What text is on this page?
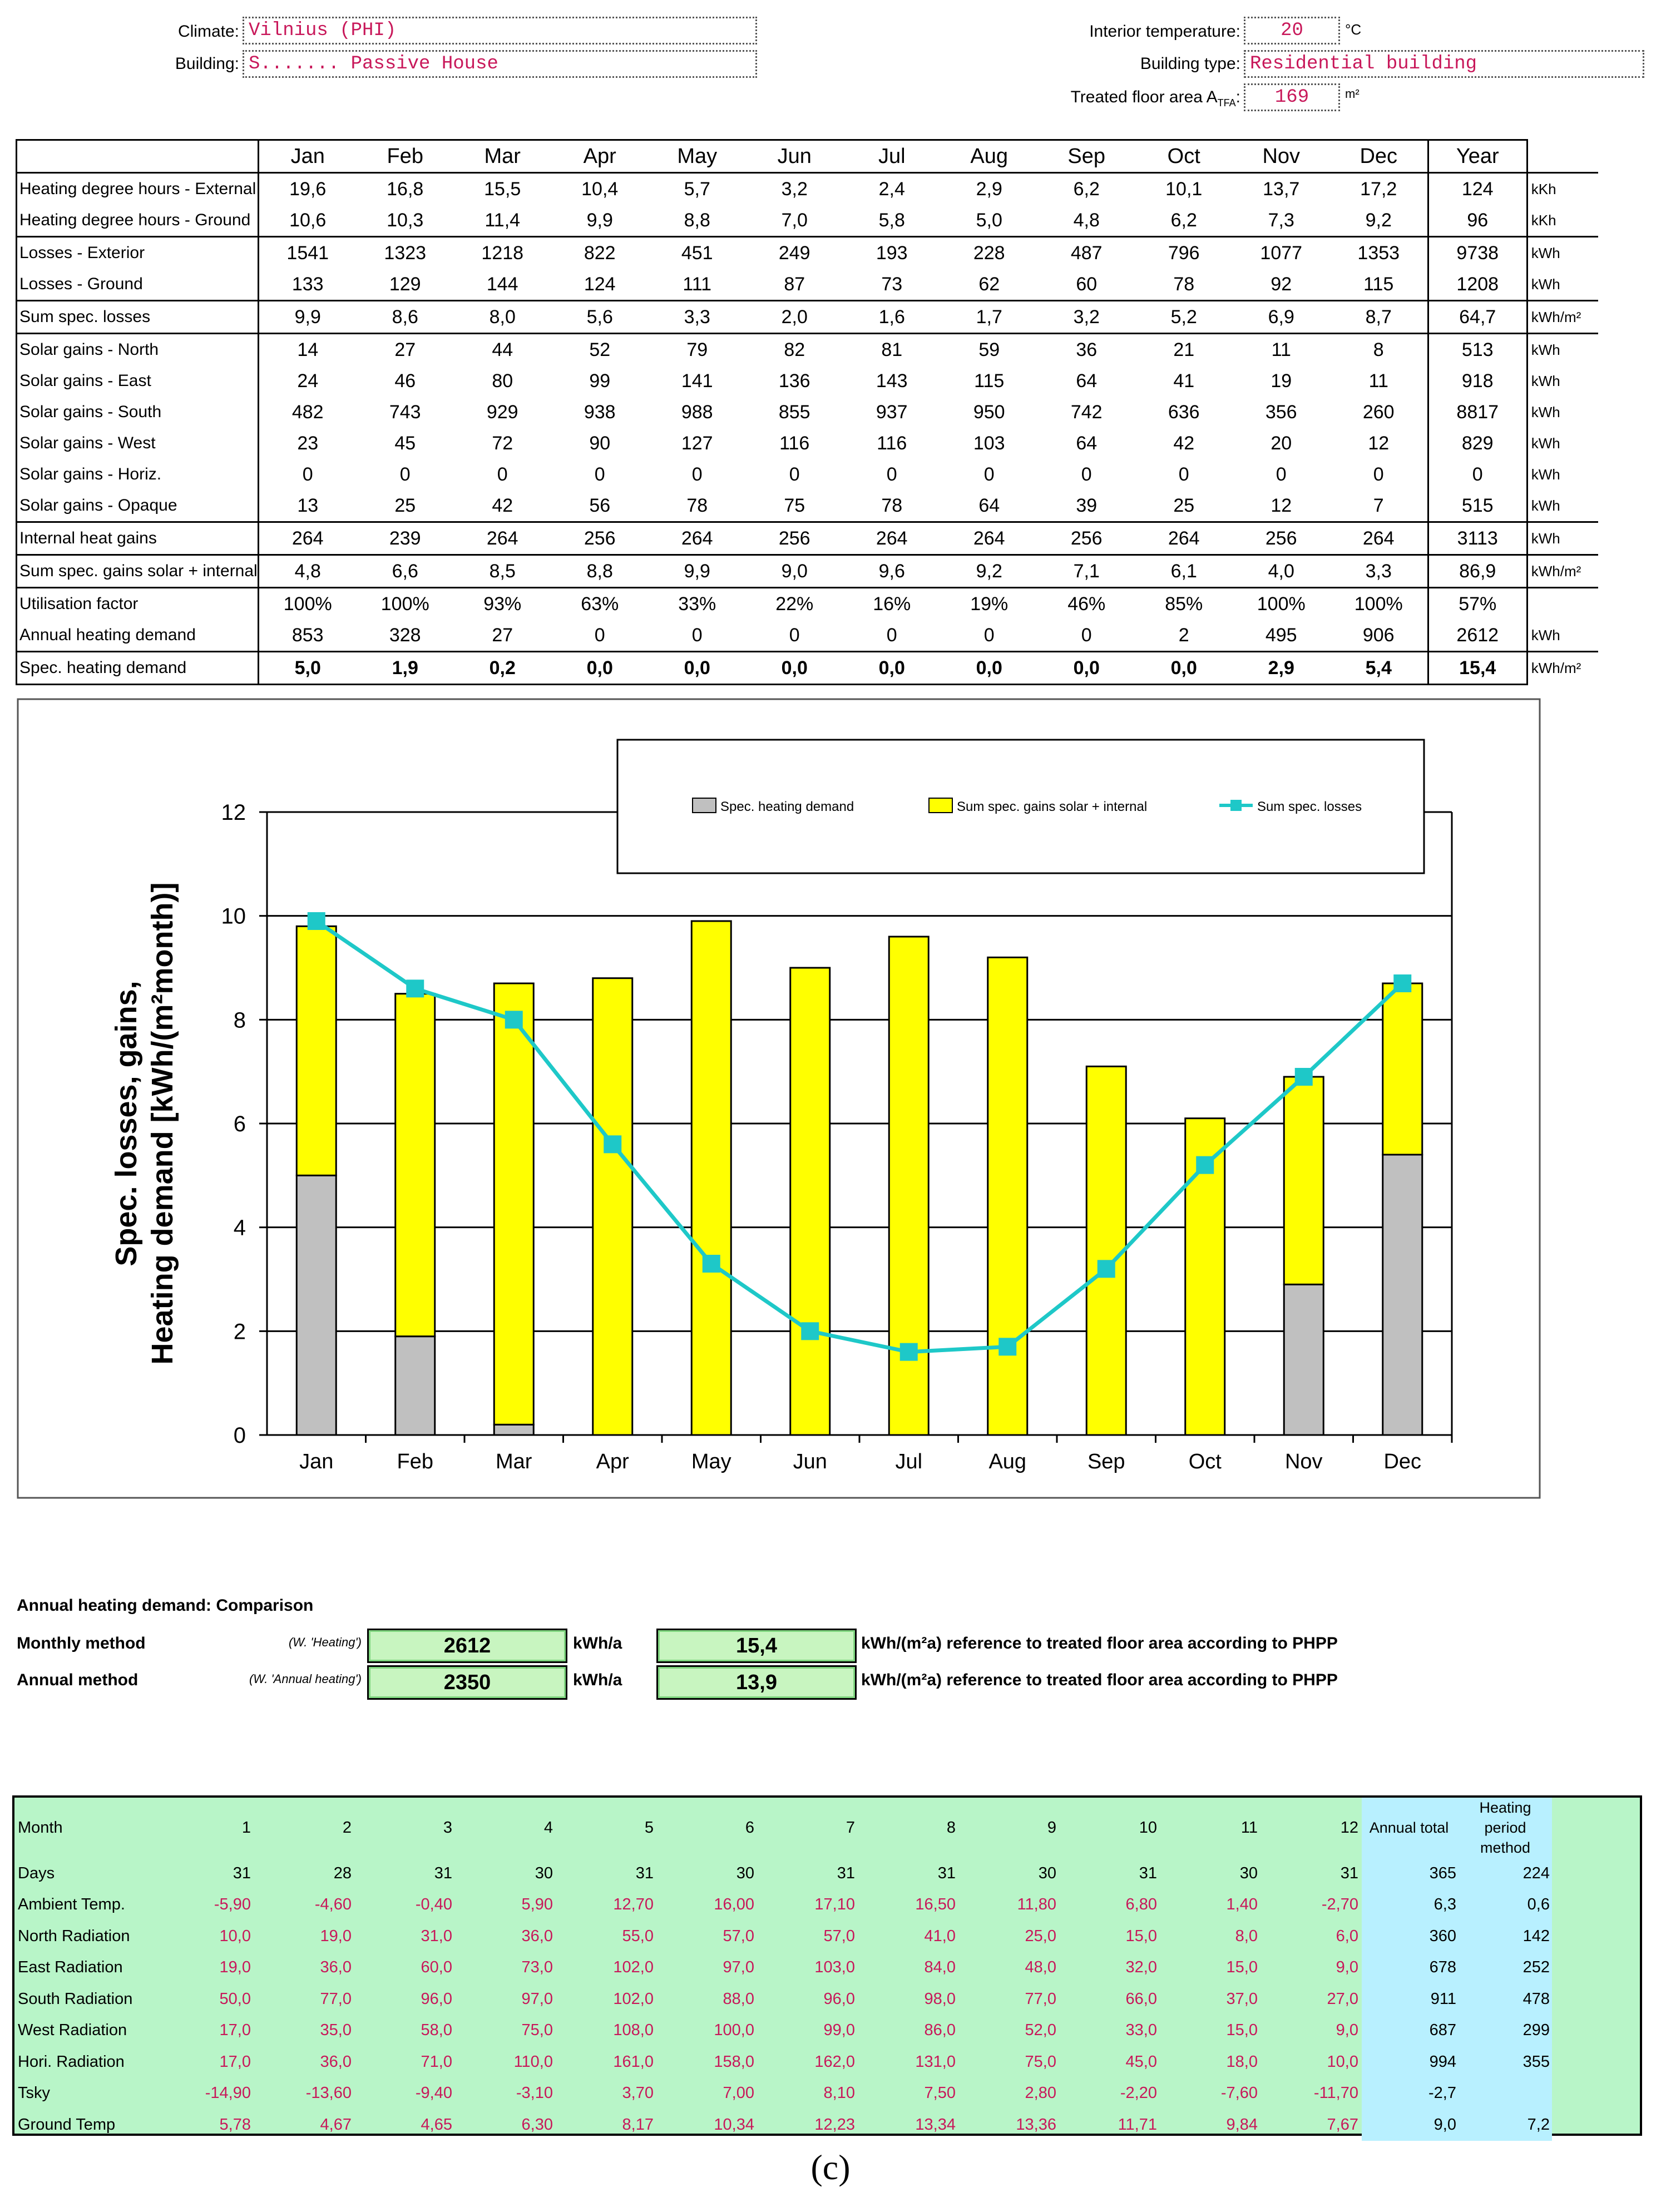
Climate: Vilnius (PHI)
Building: S....... Passive House
Interior temperature:	20	°C
Building type: Residential building
Treated floor area $A_{TFA}$:	169	m²
	Jan	Feb	Mar	Apr	May	Jun	Jul	Aug	Sep	Oct	Nov	Dec	Year	
Heating degree hours - External	19,6	16,8	15,5	10,4	5,7	3,2	2,4	2,9	6,2	10,1	13,7	17,2	124	kKh
Heating degree hours - Ground	10,6	10,3	11,4	9,9	8,8	7,0	5,8	5,0	4,8	6,2	7,3	9,2	96	kKh
Losses - Exterior	1541	1323	1218	822	451	249	193	228	487	796	1077	1353	9738	kWh
Losses - Ground	133	129	144	124	111	87	73	62	60	78	92	115	1208	kWh
Sum spec. losses	9,9	8,6	8,0	5,6	3,3	2,0	1,6	1,7	3,2	5,2	6,9	8,7	64,7	kWh/m²
Solar gains - North	14	27	44	52	79	82	81	59	36	21	11	8	513	kWh
Solar gains - East	24	46	80	99	141	136	143	115	64	41	19	11	918	kWh
Solar gains - South	482	743	929	938	988	855	937	950	742	636	356	260	8817	kWh
Solar gains - West	23	45	72	90	127	116	116	103	64	42	20	12	829	kWh
Solar gains - Horiz.	0	0	0	0	0	0	0	0	0	0	0	0	0	kWh
Solar gains - Opaque	13	25	42	56	78	75	78	64	39	25	12	7	515	kWh
Internal heat gains	264	239	264	256	264	256	264	264	256	264	256	264	3113	kWh
Sum spec. gains solar + internal	4,8	6,6	8,5	8,8	9,9	9,0	9,6	9,2	7,1	6,1	4,0	3,3	86,9	kWh/m²
Utilisation factor	100%	100%	93%	63%	33%	22%	16%	19%	46%	85%	100%	100%	57%	
Annual heating demand	853	328	27	0	0	0	0	0	0	2	495	906	2612	kWh
Spec. heating demand	5,0	1,9	0,2	0,0	0,0	0,0	0,0	0,0	0,0	0,0	2,9	5,4	15,4	kWh/m²
0
2
4
6
8
10
12
Jan	Feb	Mar	Apr	May	Jun	Jul	Aug	Sep	Oct	Nov	Dec
Spec. losses, gains, Heating demand [kWh/(m²month)]
Spec. heating demand	Sum spec. gains solar + internal	Sum spec. losses
Annual heating demand: Comparison
Monthly method	(W. 'Heating')	2612	kWh/a	15,4	kWh/(m²a) reference to treated floor area according to PHPP
Annual method	(W. 'Annual heating')	2350	kWh/a	13,9	kWh/(m²a) reference to treated floor area according to PHPP
Month	1	2	3	4	5	6	7	8	9	10	11	12	Annual total	Heating period method
Days	31	28	31	30	31	30	31	31	30	31	30	31	365	224
Ambient Temp.	-5,90	-4,60	-0,40	5,90	12,70	16,00	17,10	16,50	11,80	6,80	1,40	-2,70	6,3	0,6
North Radiation	10,0	19,0	31,0	36,0	55,0	57,0	57,0	41,0	25,0	15,0	8,0	6,0	360	142
East Radiation	19,0	36,0	60,0	73,0	102,0	97,0	103,0	84,0	48,0	32,0	15,0	9,0	678	252
South Radiation	50,0	77,0	96,0	97,0	102,0	88,0	96,0	98,0	77,0	66,0	37,0	27,0	911	478
West Radiation	17,0	35,0	58,0	75,0	108,0	100,0	99,0	86,0	52,0	33,0	15,0	9,0	687	299
Hori. Radiation	17,0	36,0	71,0	110,0	161,0	158,0	162,0	131,0	75,0	45,0	18,0	10,0	994	355
Tsky	-14,90	-13,60	-9,40	-3,10	3,70	7,00	8,10	7,50	2,80	-2,20	-7,60	-11,70	-2,7	
Ground Temp	5,78	4,67	4,65	6,30	8,17	10,34	12,23	13,34	13,36	11,71	9,84	7,67	9,0	7,2
(c)
